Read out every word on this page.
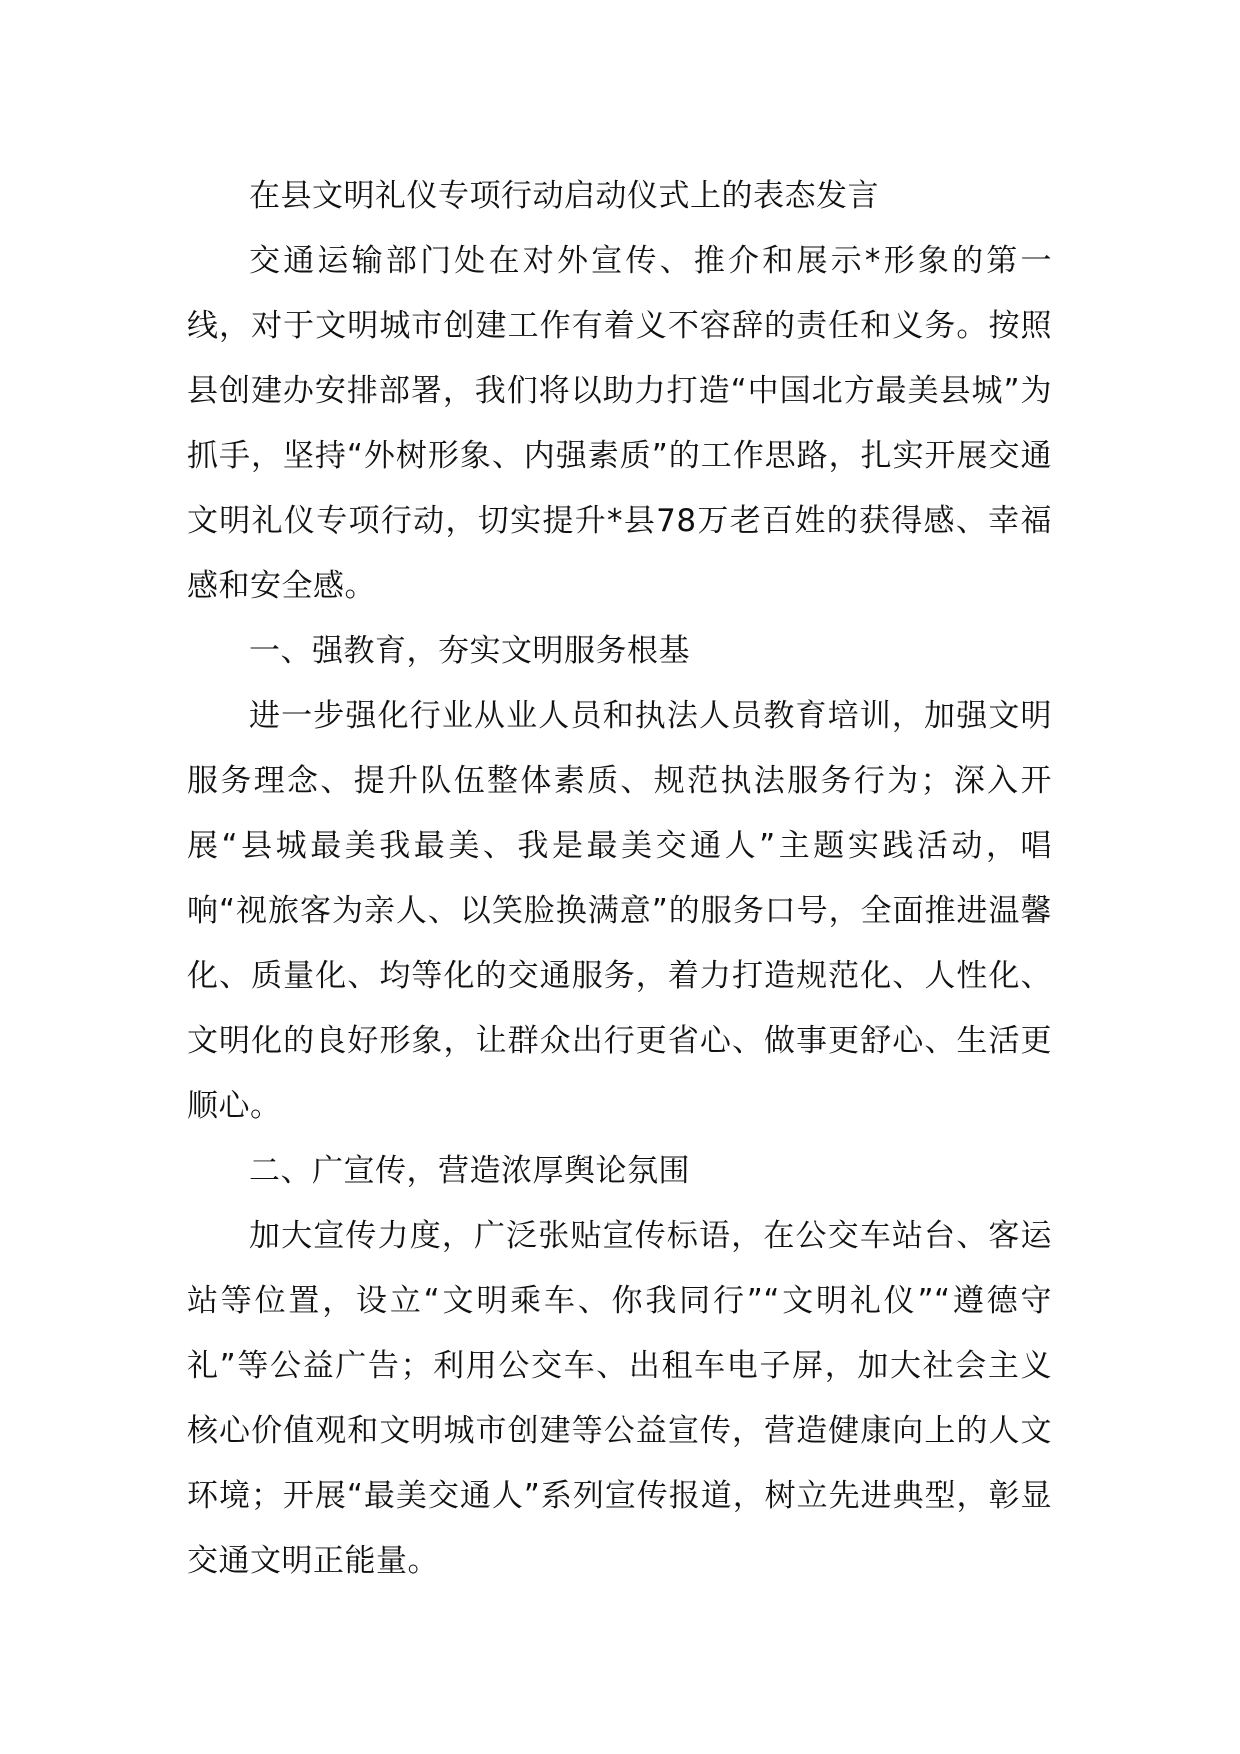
在县文明礼仪专项行动启动仪式上的表态发言

交通运输部门处在对外宣传、推介和展示*形象的第一线，对于文明城市创建工作有着义不容辞的责任和义务。按照县创建办安排部署，我们将以助力打造“中国北方最美县城”为抓手，坚持“外树形象、内强素质”的工作思路，扎实开展交通文明礼仪专项行动，切实提升*县78万老百姓的获得感、幸福感和安全感。

一、强教育，夯实文明服务根基

进一步强化行业从业人员和执法人员教育培训，加强文明服务理念、提升队伍整体素质、规范执法服务行为；深入开展“县城最美我最美、我是最美交通人”主题实践活动，唱响“视旅客为亲人、以笑脸换满意”的服务口号，全面推进温馨化、质量化、均等化的交通服务，着力打造规范化、人性化、文明化的良好形象，让群众出行更省心、做事更舒心、生活更顺心。

二、广宣传，营造浓厚舆论氛围

加大宣传力度，广泛张贴宣传标语，在公交车站台、客运站等位置，设立“文明乘车、你我同行”“文明礼仪”“遵德守礼”等公益广告；利用公交车、出租车电子屏，加大社会主义核心价值观和文明城市创建等公益宣传，营造健康向上的人文环境；开展“最美交通人”系列宣传报道，树立先进典型，彰显交通文明正能量。
